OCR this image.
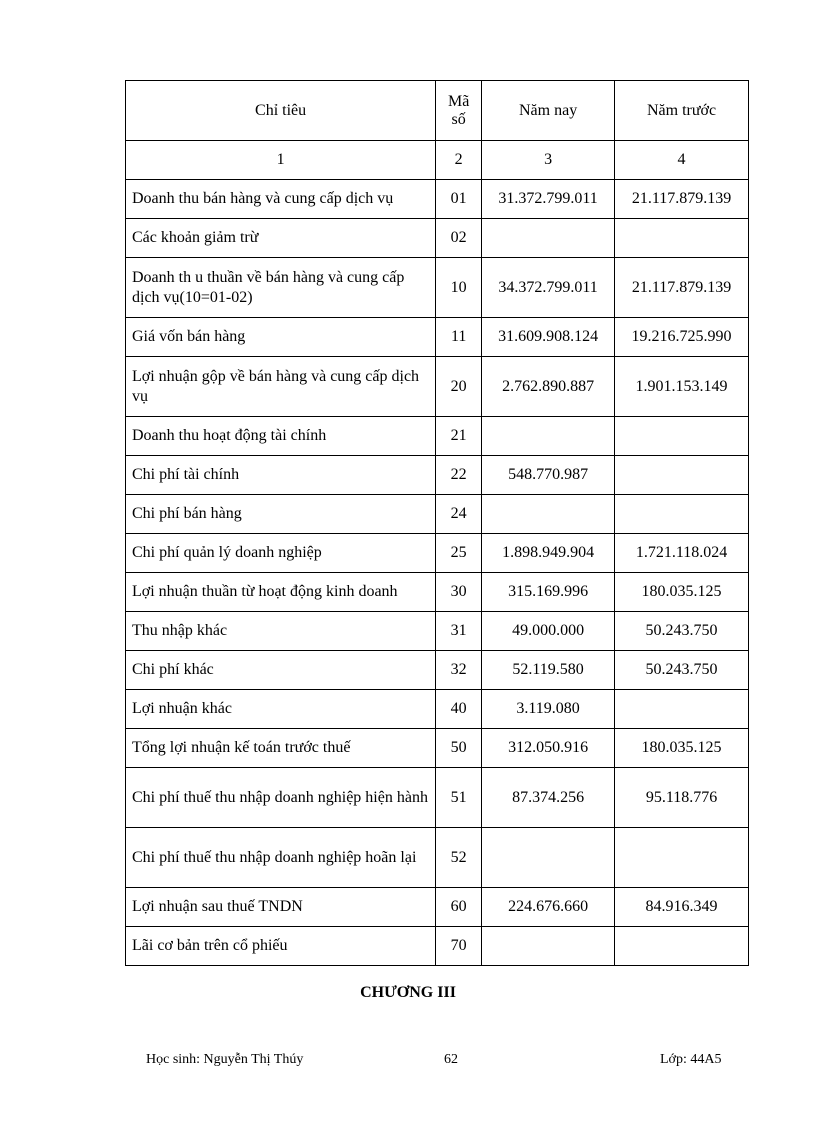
Chỉ tiêu	Mã số	Năm nay	Năm trước
1	2	3	4
Doanh thu bán hàng và cung cấp dịch vụ	01	31.372.799.011	21.117.879.139
Các khoản giảm trừ	02		
Doanh th u thuần về bán hàng và cung cấp dịch vụ(10=01-02)	10	34.372.799.011	21.117.879.139
Giá vốn bán hàng	11	31.609.908.124	19.216.725.990
Lợi nhuận gộp về bán hàng và cung cấp dịch vụ	20	2.762.890.887	1.901.153.149
Doanh thu hoạt động tài chính	21		
Chi phí tài chính	22	548.770.987	
Chi phí bán hàng	24		
Chi phí quản lý doanh nghiệp	25	1.898.949.904	1.721.118.024
Lợi nhuận thuần từ hoạt động kinh doanh	30	315.169.996	180.035.125
Thu nhập khác	31	49.000.000	50.243.750
Chi phí khác	32	52.119.580	50.243.750
Lợi nhuận khác	40	3.119.080	
Tổng lợi nhuận kế toán trước thuế	50	312.050.916	180.035.125
Chi phí thuế thu nhập doanh nghiệp hiện hành	51	87.374.256	95.118.776
Chi phí thuế thu nhập doanh nghiệp hoãn lại	52		
Lợi nhuận sau thuế TNDN	60	224.676.660	84.916.349
Lãi cơ bản trên cổ phiếu	70		
CHƯƠNG III
Học sinh: Nguyễn Thị Thúy	62	Lớp: 44A5
